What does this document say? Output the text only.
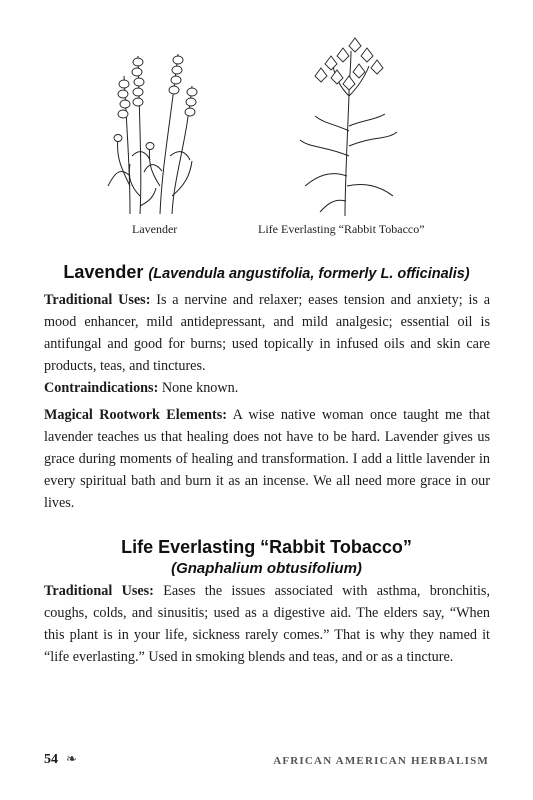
Lavender	Life Everlasting “Rabbit Tobacco”
Lavender (Lavendula angustifolia, formerly L. officinalis)
Traditional Uses: Is a nervine and relaxer; eases tension and anxiety; is a mood enhancer, mild antidepressant, and mild analgesic; essential oil is antifungal and good for burns; used topically in infused oils and skin care products, teas, and tinctures.
Contraindications: None known.
Magical Rootwork Elements: A wise native woman once taught me that lavender teaches us that healing does not have to be hard. Lavender gives us grace during moments of healing and transformation. I add a little lavender in every spiritual bath and burn it as an incense. We all need more grace in our lives.
Life Everlasting “Rabbit Tobacco”
(Gnaphalium obtusifolium)
Traditional Uses: Eases the issues associated with asthma, bronchitis, coughs, colds, and sinusitis; used as a digestive aid. The elders say, “When this plant is in your life, sickness rarely comes.” That is why they named it “life everlasting.” Used in smoking blends and teas, and or as a tincture.
54 ❧	AFRICAN AMERICAN HERBALISM
